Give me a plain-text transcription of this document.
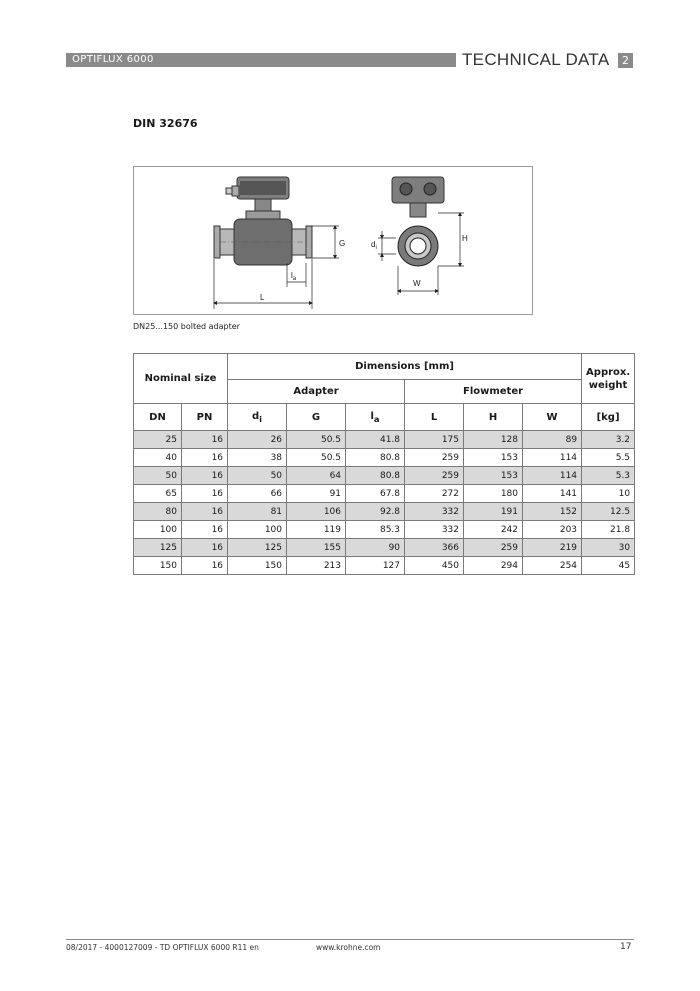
OPTIFLUX 6000	TECHNICAL DATA	2
DIN 32676
G
$l_a$
L
$d_i$
H
W
DN25...150 bolted adapter
Nominal size		Dimensions [mm]						Approx. weight
		Adapter			Flowmeter			
DN	PN	$d_i$	G	$l_a$	L	H	W	[kg]
25	16	26	50.5	41.8	175	128	89	3.2
40	16	38	50.5	80.8	259	153	114	5.5
50	16	50	64	80.8	259	153	114	5.3
65	16	66	91	67.8	272	180	141	10
80	16	81	106	92.8	332	191	152	12.5
100	16	100	119	85.3	332	242	203	21.8
125	16	125	155	90	366	259	219	30
150	16	150	213	127	450	294	254	45
08/2017 - 4000127009 - TD OPTIFLUX 6000 R11 en	www.krohne.com	17
